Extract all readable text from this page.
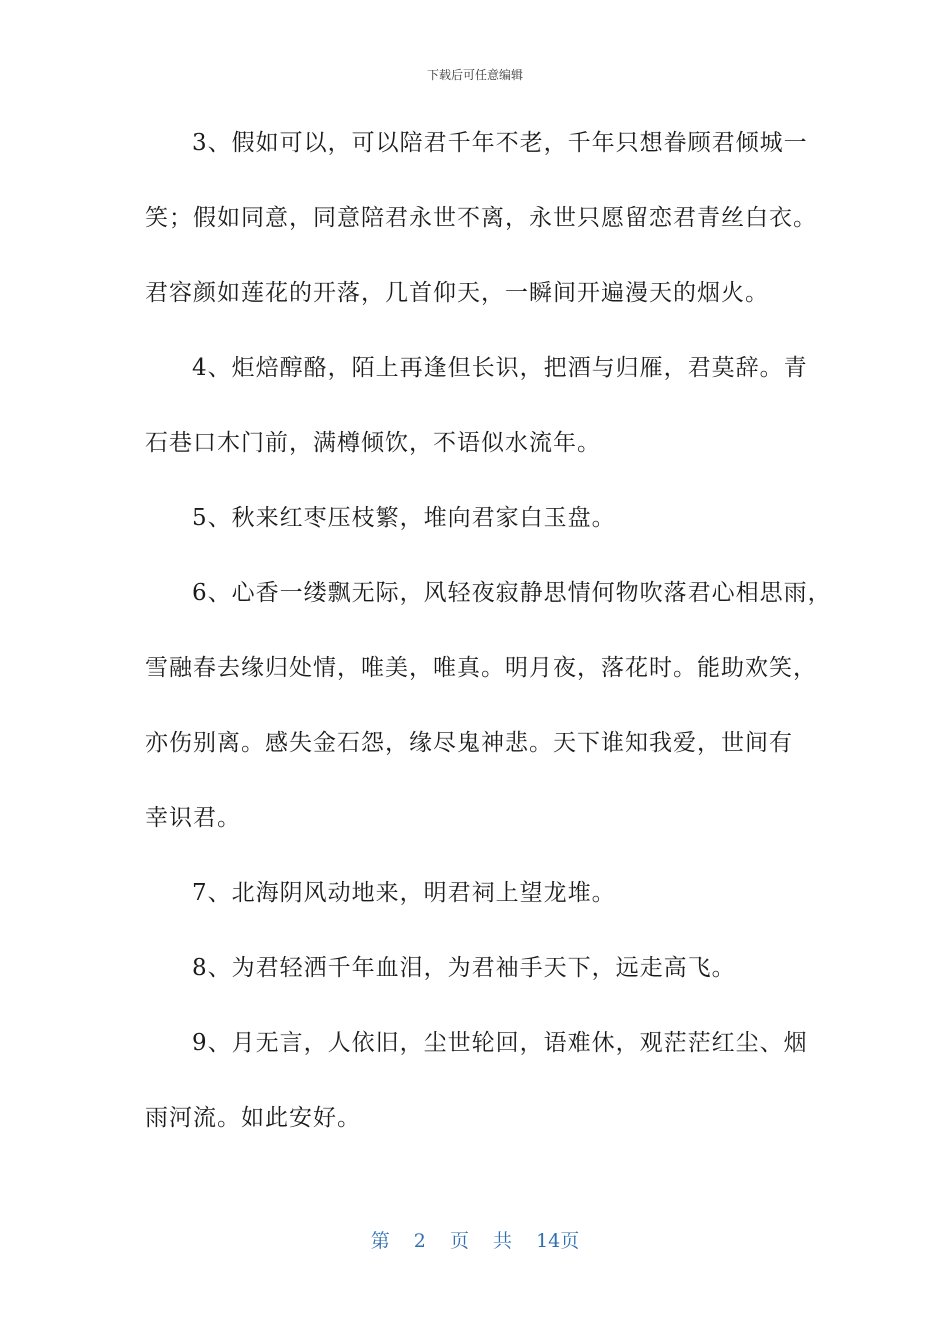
下载后可任意编辑
3、假如可以，可以陪君千年不老，千年只想眷顾君倾城一
笑；假如同意，同意陪君永世不离，永世只愿留恋君青丝白衣。
君容颜如莲花的开落，几首仰天，一瞬间开遍漫天的烟火。
4、炬焙醇酪，陌上再逢但长识，把酒与归雁，君莫辞。青
石巷口木门前，满樽倾饮，不语似水流年。
5、秋来红枣压枝繁，堆向君家白玉盘。
6、心香一缕飘无际，风轻夜寂静思情何物吹落君心相思雨，
雪融春去缘归处情，唯美，唯真。明月夜，落花时。能助欢笑，
亦伤别离。感失金石怨，缘尽鬼神悲。天下谁知我爱，世间有
幸识君。
7、北海阴风动地来，明君祠上望龙堆。
8、为君轻洒千年血泪，为君袖手天下，远走高飞。
9、月无言，人依旧，尘世轮回，语难休，观茫茫红尘、烟
雨河流。如此安好。
第 2 页 共 14页
